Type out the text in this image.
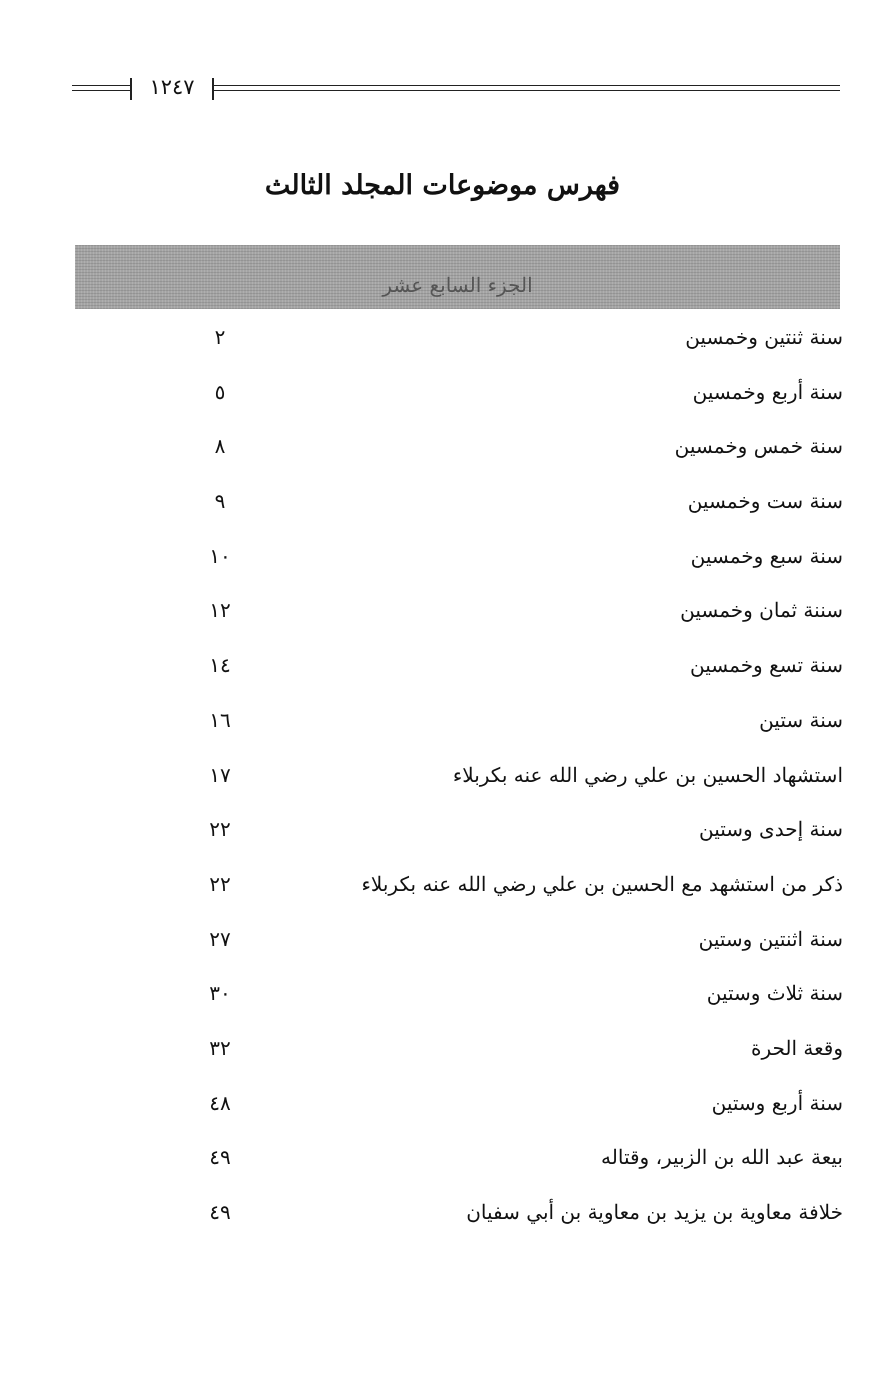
١٢٤٧
فهرس موضوعات المجلد الثالث
الجزء السابع عشر
سنة ثنتين وخمسين
٢
سنة أربع وخمسين
٥
سنة خمس وخمسين
٨
سنة ست وخمسين
٩
سنة سبع وخمسين
١٠
سننة ثمان وخمسين
١٢
سنة تسع وخمسين
١٤
سنة ستين
١٦
استشهاد الحسين بن علي رضي الله عنه بكربلاء
١٧
سنة إحدى وستين
٢٢
ذكر من استشهد مع الحسين بن علي رضي الله عنه بكربلاء
٢٢
سنة اثنتين وستين
٢٧
سنة ثلاث وستين
٣٠
وقعة الحرة
٣٢
سنة أربع وستين
٤٨
بيعة عبد الله بن الزبير، وقتاله
٤٩
خلافة معاوية بن يزيد بن معاوية بن أبي سفيان
٤٩
